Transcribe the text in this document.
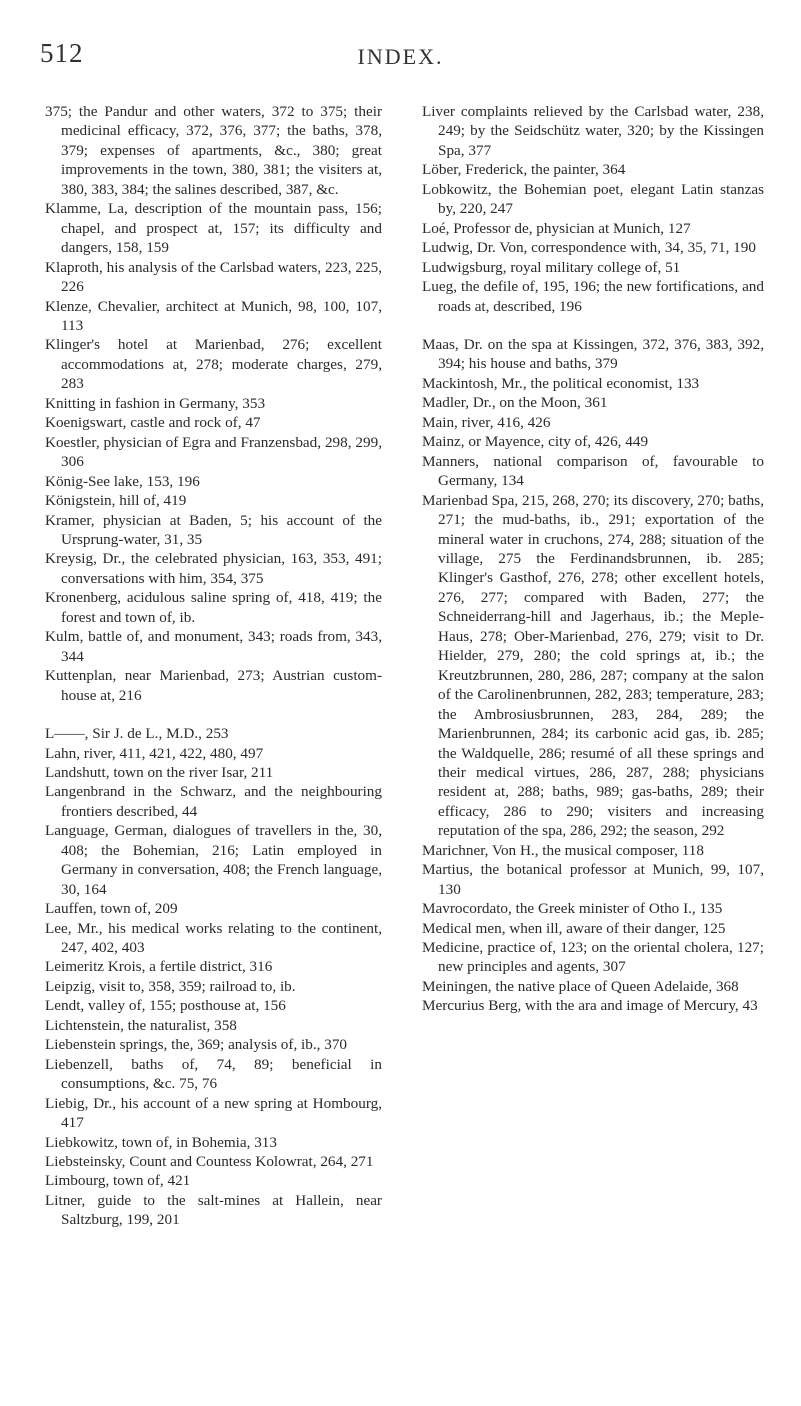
512	INDEX.

375; the Pandur and other waters, 372 to 375; their medicinal efficacy, 372, 376, 377; the baths, 378, 379; expenses of apartments, &c., 380; great improvements in the town, 380, 381; the visiters at, 380, 383, 384; the salines described, 387, &c.

Klamme, La, description of the mountain pass, 156; chapel, and prospect at, 157; its difficulty and dangers, 158, 159

Klaproth, his analysis of the Carlsbad waters, 223, 225, 226

Klenze, Chevalier, architect at Munich, 98, 100, 107, 113

Klinger's hotel at Marienbad, 276; excellent accommodations at, 278; moderate charges, 279, 283

Knitting in fashion in Germany, 353

Koenigswart, castle and rock of, 47

Koestler, physician of Egra and Franzensbad, 298, 299, 306

König-See lake, 153, 196

Königstein, hill of, 419

Kramer, physician at Baden, 5; his account of the Ursprung-water, 31, 35

Kreysig, Dr., the celebrated physician, 163, 353, 491; conversations with him, 354, 375

Kronenberg, acidulous saline spring of, 418, 419; the forest and town of, ib.

Kulm, battle of, and monument, 343; roads from, 343, 344

Kuttenplan, near Marienbad, 273; Austrian custom-house at, 216

L——, Sir J. de L., M.D., 253

Lahn, river, 411, 421, 422, 480, 497

Landshutt, town on the river Isar, 211

Langenbrand in the Schwarz, and the neighbouring frontiers described, 44

Language, German, dialogues of travellers in the, 30, 408; the Bohemian, 216; Latin employed in Germany in conversation, 408; the French language, 30, 164

Lauffen, town of, 209

Lee, Mr., his medical works relating to the continent, 247, 402, 403

Leimeritz Krois, a fertile district, 316

Leipzig, visit to, 358, 359; railroad to, ib.

Lendt, valley of, 155; posthouse at, 156

Lichtenstein, the naturalist, 358

Liebenstein springs, the, 369; analysis of, ib., 370

Liebenzell, baths of, 74, 89; beneficial in consumptions, &c. 75, 76

Liebig, Dr., his account of a new spring at Hombourg, 417

Liebkowitz, town of, in Bohemia, 313

Liebsteinsky, Count and Countess Kolowrat, 264, 271

Limbourg, town of, 421

Litner, guide to the salt-mines at Hallein, near Saltzburg, 199, 201

Liver complaints relieved by the Carlsbad water, 238, 249; by the Seidschütz water, 320; by the Kissingen Spa, 377

Löber, Frederick, the painter, 364

Lobkowitz, the Bohemian poet, elegant Latin stanzas by, 220, 247

Loé, Professor de, physician at Munich, 127

Ludwig, Dr. Von, correspondence with, 34, 35, 71, 190

Ludwigsburg, royal military college of, 51

Lueg, the defile of, 195, 196; the new fortifications, and roads at, described, 196

Maas, Dr. on the spa at Kissingen, 372, 376, 383, 392, 394; his house and baths, 379

Mackintosh, Mr., the political economist, 133

Madler, Dr., on the Moon, 361

Main, river, 416, 426

Mainz, or Mayence, city of, 426, 449

Manners, national comparison of, favourable to Germany, 134

Marienbad Spa, 215, 268, 270; its discovery, 270; baths, 271; the mud-baths, ib., 291; exportation of the mineral water in cruchons, 274, 288; situation of the village, 275 the Ferdinandsbrunnen, ib. 285; Klinger's Gasthof, 276, 278; other excellent hotels, 276, 277; compared with Baden, 277; the Schneiderrang-hill and Jagerhaus, ib.; the Meple-Haus, 278; Ober-Marienbad, 276, 279; visit to Dr. Hielder, 279, 280; the cold springs at, ib.; the Kreutzbrunnen, 280, 286, 287; company at the salon of the Carolinenbrunnen, 282, 283; temperature, 283; the Ambrosiusbrunnen, 283, 284, 289; the Marienbrunnen, 284; its carbonic acid gas, ib. 285; the Waldquelle, 286; resumé of all these springs and their medical virtues, 286, 287, 288; physicians resident at, 288; baths, 989; gas-baths, 289; their efficacy, 286 to 290; visiters and increasing reputation of the spa, 286, 292; the season, 292

Marichner, Von H., the musical composer, 118

Martius, the botanical professor at Munich, 99, 107, 130

Mavrocordato, the Greek minister of Otho I., 135

Medical men, when ill, aware of their danger, 125

Medicine, practice of, 123; on the oriental cholera, 127; new principles and agents, 307

Meiningen, the native place of Queen Adelaide, 368

Mercurius Berg, with the ara and image of Mercury, 43
